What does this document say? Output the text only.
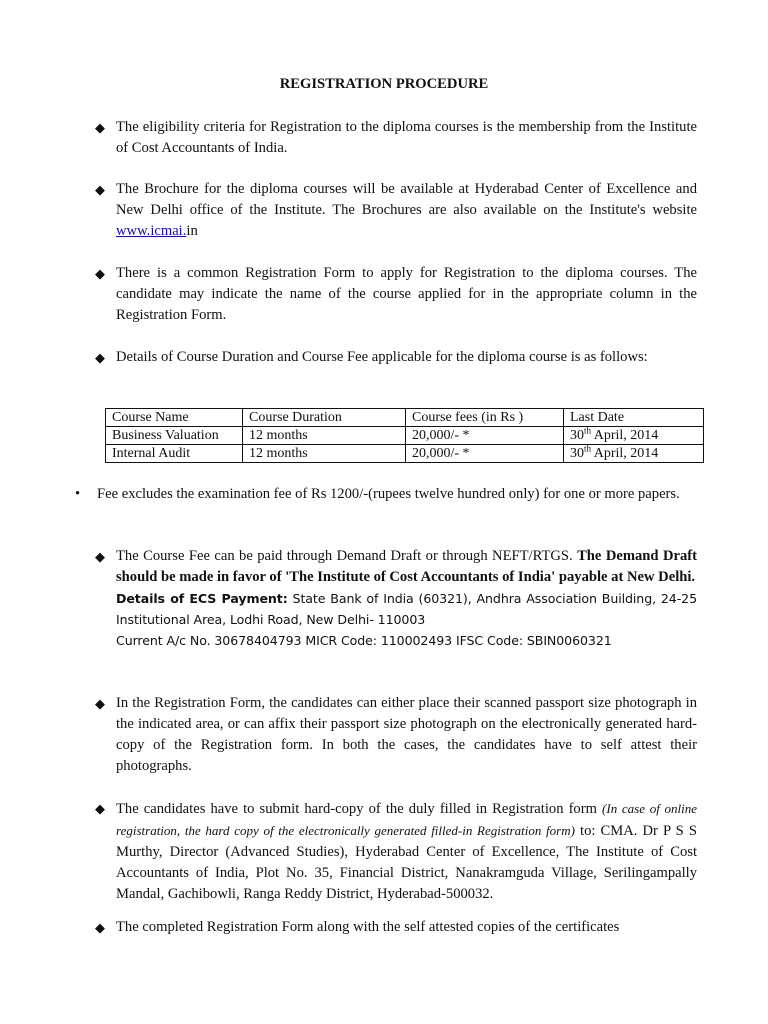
REGISTRATION PROCEDURE
◆ The eligibility criteria for Registration to the diploma courses is the membership from the Institute of Cost Accountants of India.
◆ The Brochure for the diploma courses will be available at Hyderabad Center of Excellence and New Delhi office of the Institute. The Brochures are also available on the Institute's website www.icmai.in
◆ There is a common Registration Form to apply for Registration to the diploma courses. The candidate may indicate the name of the course applied for in the appropriate column in the Registration Form.
◆ Details of Course Duration and Course Fee applicable for the diploma course is as follows:
Course Name	Course Duration	Course fees (in Rs )	Last Date
Business Valuation	12 months	20,000/- *	30th April, 2014
Internal Audit	12 months	20,000/- *	30th April, 2014
• Fee excludes the examination fee of Rs 1200/-(rupees twelve hundred only) for one or more papers.
◆ The Course Fee can be paid through Demand Draft or through NEFT/RTGS. The Demand Draft should be made in favor of 'The Institute of Cost Accountants of India' payable at New Delhi.
Details of ECS Payment: State Bank of India (60321), Andhra Association Building, 24-25 Institutional Area, Lodhi Road, New Delhi- 110003
Current A/c No. 30678404793 MICR Code: 110002493 IFSC Code: SBIN0060321
◆ In the Registration Form, the candidates can either place their scanned passport size photograph in the indicated area, or can affix their passport size photograph on the electronically generated hard-copy of the Registration form. In both the cases, the candidates have to self attest their photographs.
◆ The candidates have to submit hard-copy of the duly filled in Registration form (In case of online registration, the hard copy of the electronically generated filled-in Registration form) to: CMA. Dr P S S Murthy, Director (Advanced Studies), Hyderabad Center of Excellence, The Institute of Cost Accountants of India, Plot No. 35, Financial District, Nanakramguda Village, Serilingampally Mandal, Gachibowli, Ranga Reddy District, Hyderabad-500032.
◆ The completed Registration Form along with the self attested copies of the certificates
